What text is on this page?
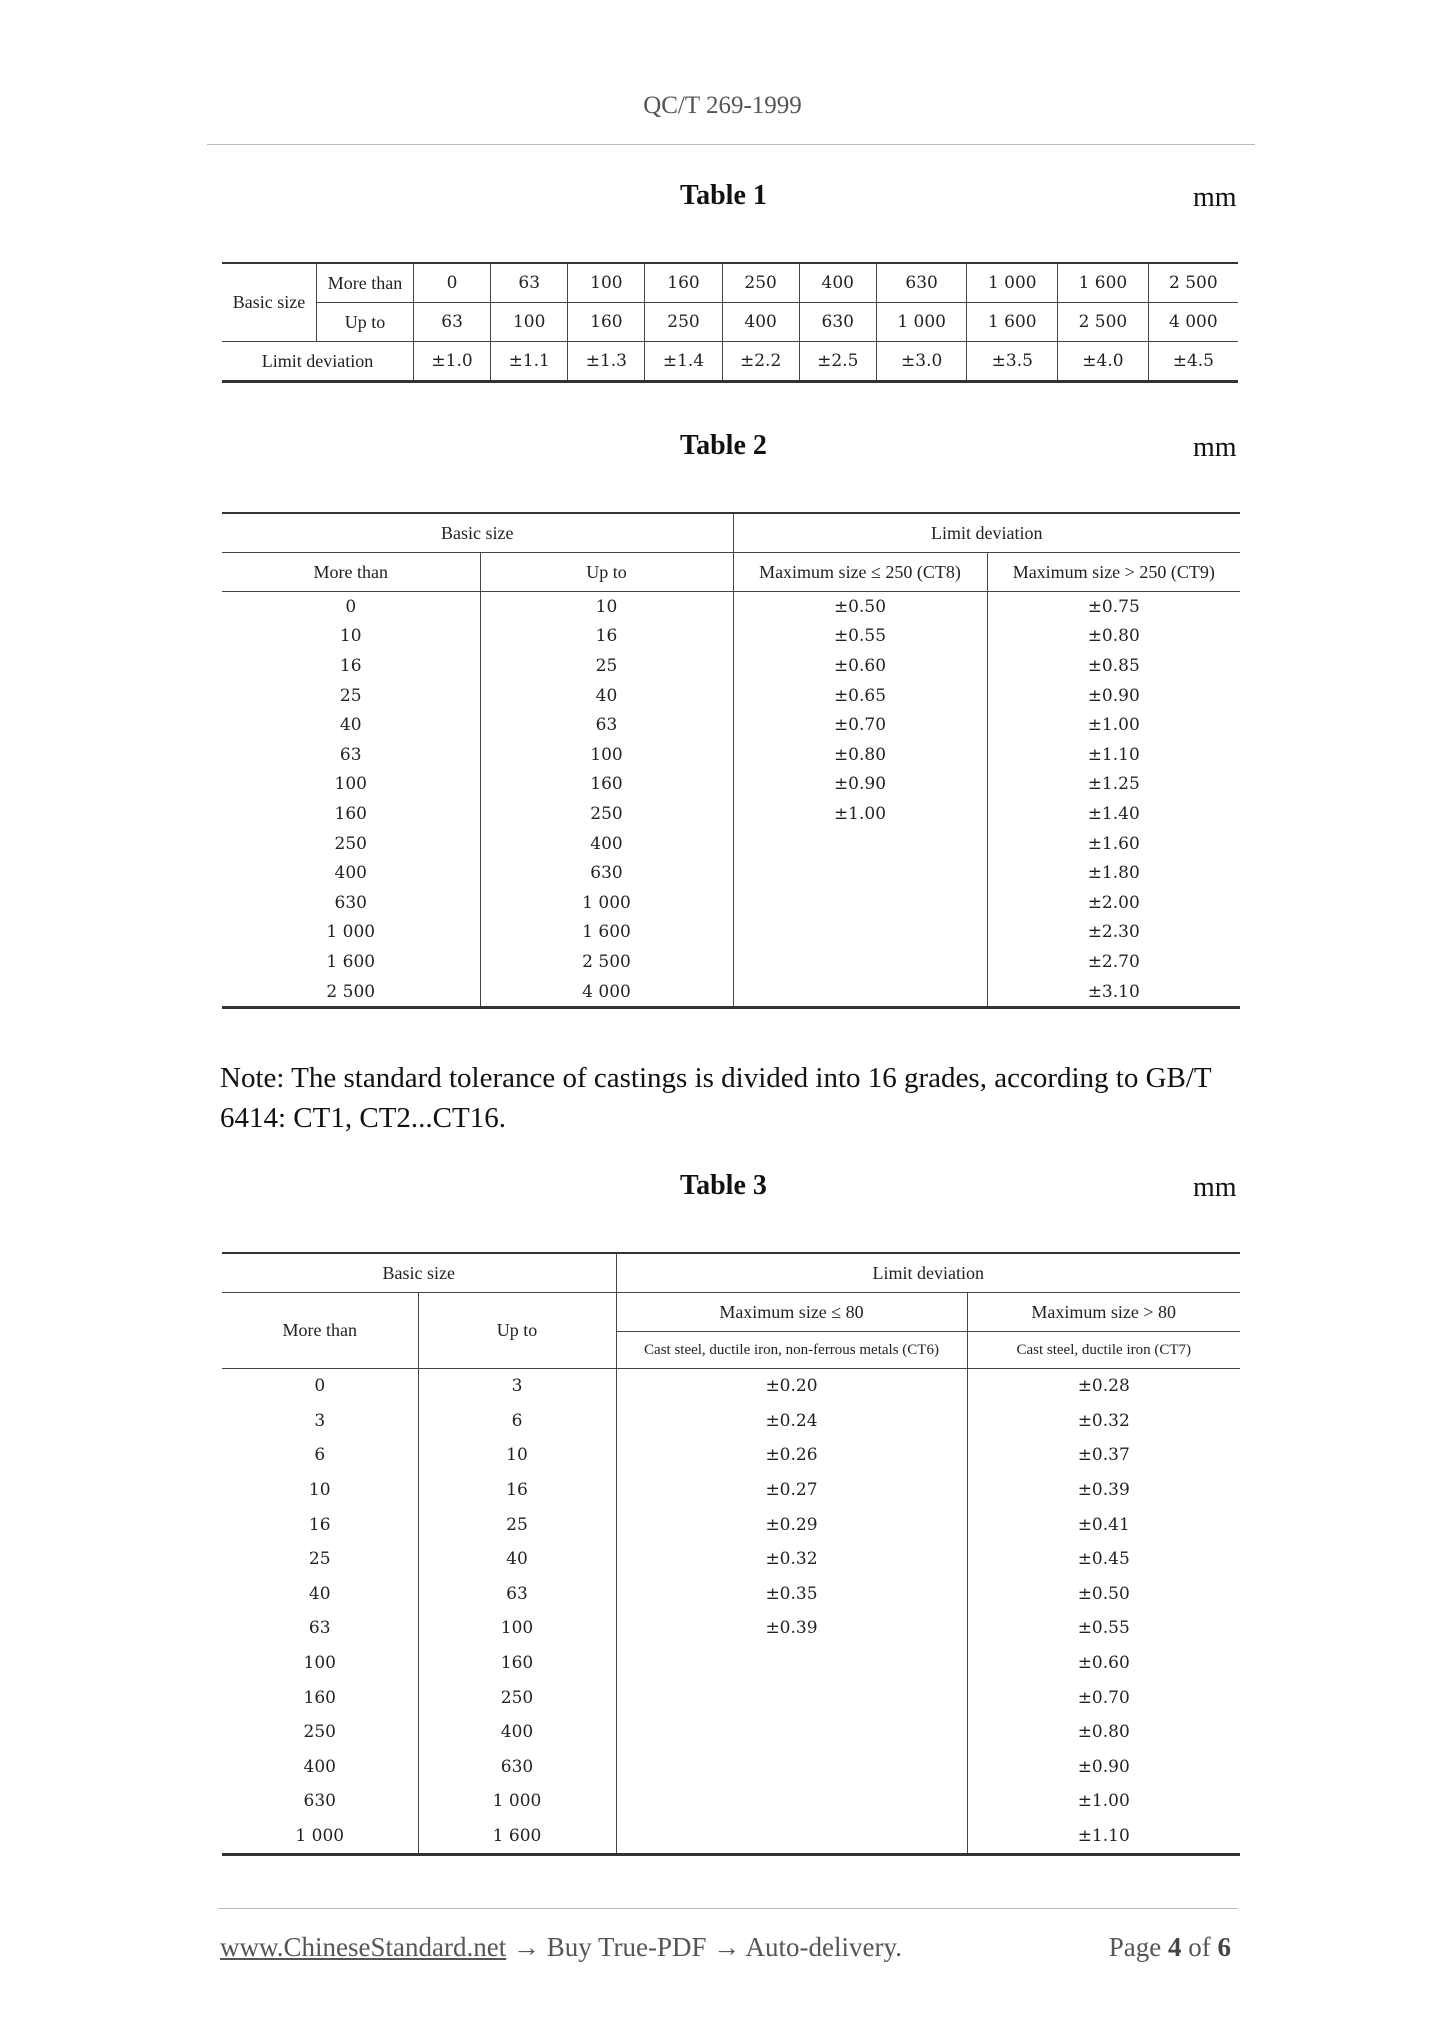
QC/T 269-1999
Table 1	mm
Basic size	More than	0	63	100	160	250	400	630	1 000	1 600	2 500
	Up to	63	100	160	250	400	630	1 000	1 600	2 500	4 000
Limit deviation		±1.0	±1.1	±1.3	±1.4	±2.2	±2.5	±3.0	±3.5	±4.0	±4.5
Table 2	mm
Basic size		Limit deviation	
More than	Up to	Maximum size ≤ 250 (CT8)	Maximum size > 250 (CT9)
0	10	±0.50	±0.75
10	16	±0.55	±0.80
16	25	±0.60	±0.85
25	40	±0.65	±0.90
40	63	±0.70	±1.00
63	100	±0.80	±1.10
100	160	±0.90	±1.25
160	250	±1.00	±1.40
250	400		±1.60
400	630		±1.80
630	1 000		±2.00
1 000	1 600		±2.30
1 600	2 500		±2.70
2 500	4 000		±3.10
Note: The standard tolerance of castings is divided into 16 grades, according to GB/T 6414: CT1, CT2...CT16.
Table 3	mm
Basic size		Limit deviation	
More than	Up to	Maximum size ≤ 80	Maximum size > 80
		Cast steel, ductile iron, non-ferrous metals (CT6)	Cast steel, ductile iron (CT7)
0	3	±0.20	±0.28
3	6	±0.24	±0.32
6	10	±0.26	±0.37
10	16	±0.27	±0.39
16	25	±0.29	±0.41
25	40	±0.32	±0.45
40	63	±0.35	±0.50
63	100	±0.39	±0.55
100	160		±0.60
160	250		±0.70
250	400		±0.80
400	630		±0.90
630	1 000		±1.00
1 000	1 600		±1.10
www.ChineseStandard.net → Buy True-PDF → Auto-delivery.	Page 4 of 6
